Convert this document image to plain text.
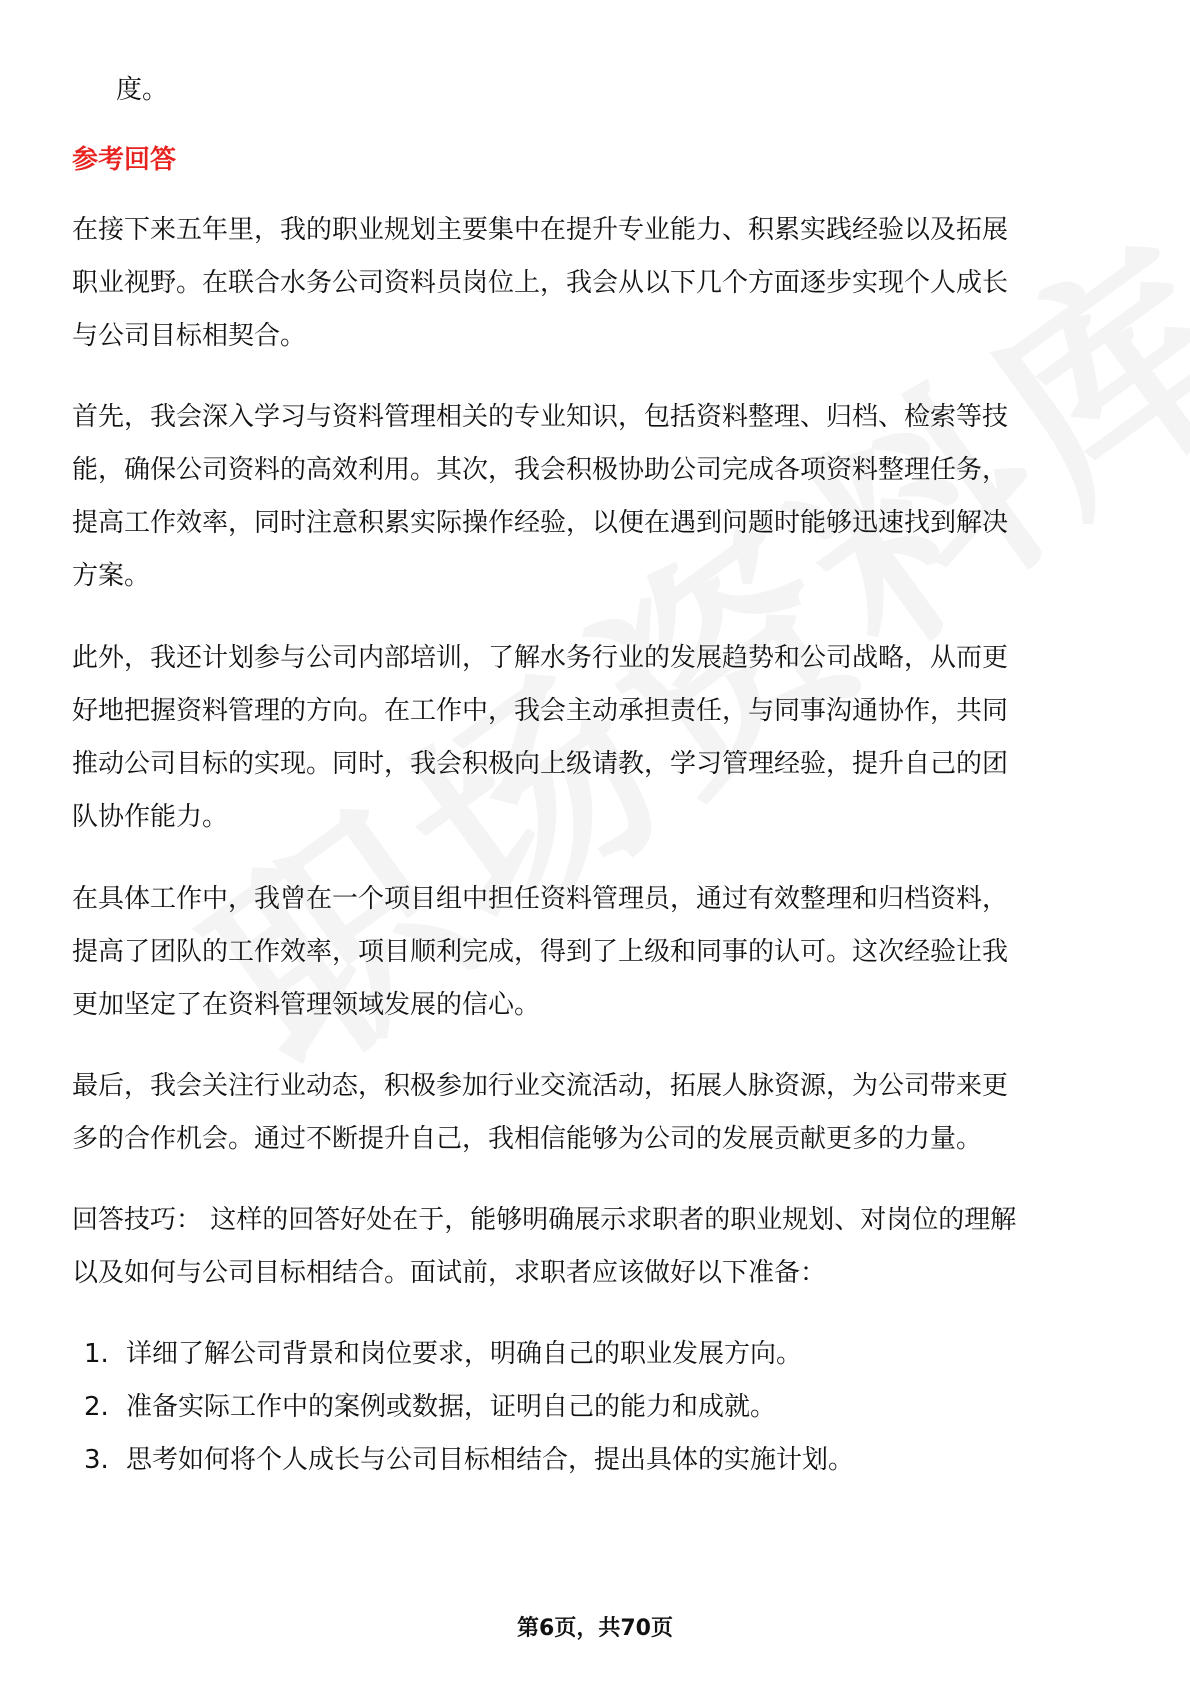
度。
参考回答
在接下来五年里，我的职业规划主要集中在提升专业能力、积累实践经验以及拓展
职业视野。在联合水务公司资料员岗位上，我会从以下几个方面逐步实现个人成长
与公司目标相契合。
首先，我会深入学习与资料管理相关的专业知识，包括资料整理、归档、检索等技
能，确保公司资料的高效利用。其次，我会积极协助公司完成各项资料整理任务，
提高工作效率，同时注意积累实际操作经验，以便在遇到问题时能够迅速找到解决
方案。
此外，我还计划参与公司内部培训，了解水务行业的发展趋势和公司战略，从而更
好地把握资料管理的方向。在工作中，我会主动承担责任，与同事沟通协作，共同
推动公司目标的实现。同时，我会积极向上级请教，学习管理经验，提升自己的团
队协作能力。
在具体工作中，我曾在一个项目组中担任资料管理员，通过有效整理和归档资料，
提高了团队的工作效率，项目顺利完成，得到了上级和同事的认可。这次经验让我
更加坚定了在资料管理领域发展的信心。
最后，我会关注行业动态，积极参加行业交流活动，拓展人脉资源，为公司带来更
多的合作机会。通过不断提升自己，我相信能够为公司的发展贡献更多的力量。
回答技巧： 这样的回答好处在于，能够明确展示求职者的职业规划、对岗位的理解
以及如何与公司目标相结合。面试前，求职者应该做好以下准备：
1. 详细了解公司背景和岗位要求，明确自己的职业发展方向。
2. 准备实际工作中的案例或数据，证明自己的能力和成就。
3. 思考如何将个人成长与公司目标相结合，提出具体的实施计划。
第6页，共70页
